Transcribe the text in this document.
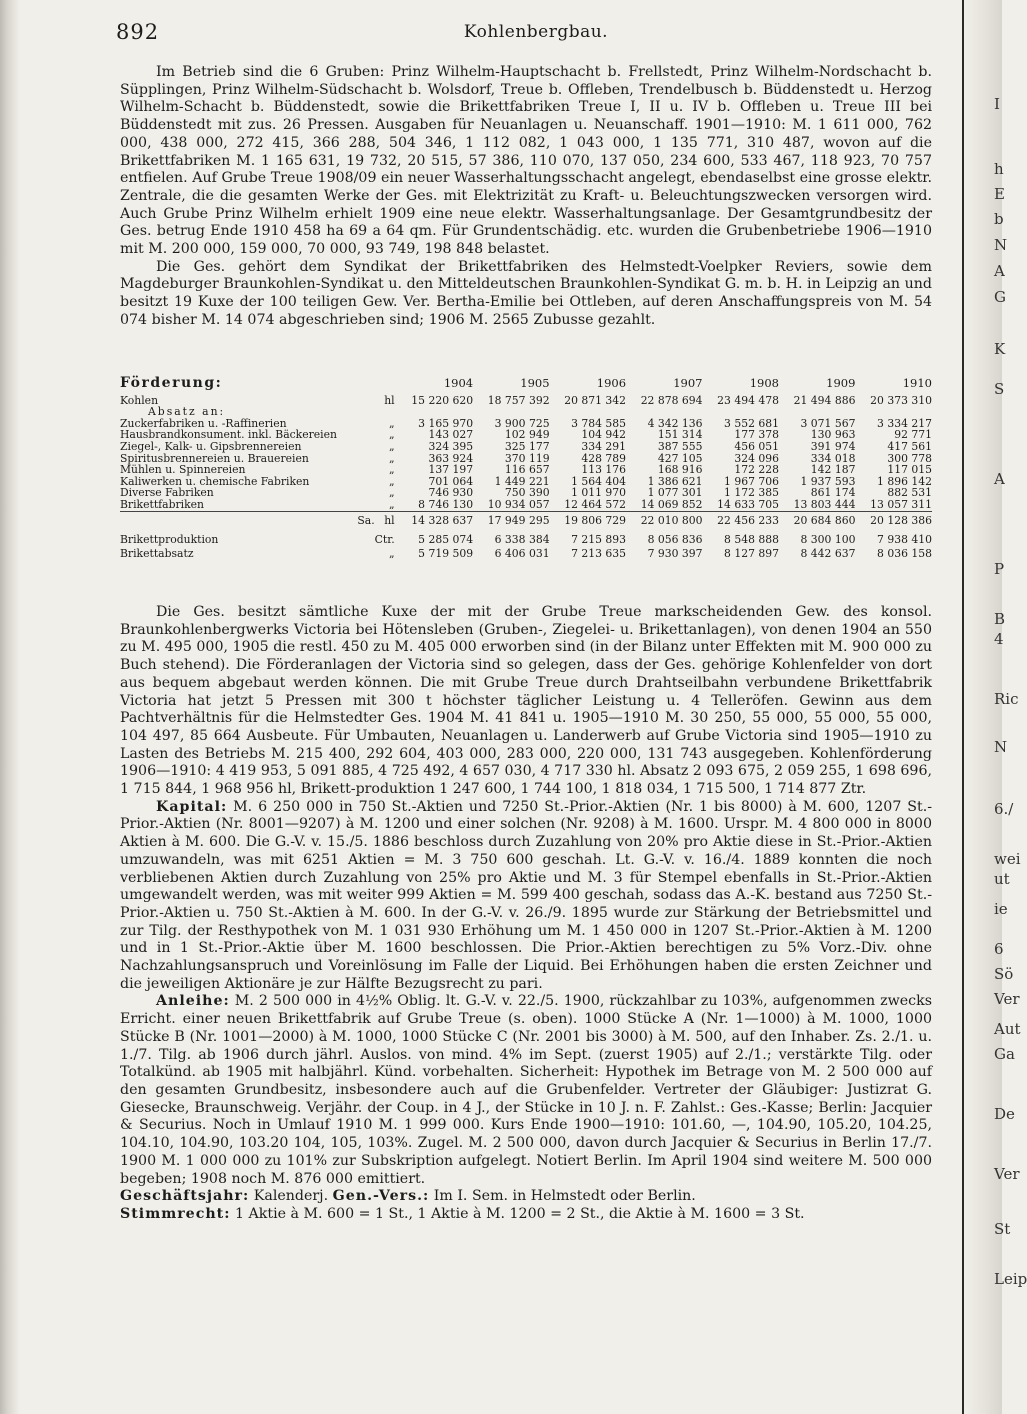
892	Kohlenbergbau.

Im Betrieb sind die 6 Gruben: Prinz Wilhelm-Hauptschacht b. Frellstedt, Prinz Wilhelm-Nordschacht b. Süpplingen, Prinz Wilhelm-Südschacht b. Wolsdorf, Treue b. Offleben, Trendelbusch b. Büddenstedt u. Herzog Wilhelm-Schacht b. Büddenstedt, sowie die Brikettfabriken Treue I, II u. IV b. Offleben u. Treue III bei Büddenstedt mit zus. 26 Pressen. Ausgaben für Neuanlagen u. Neuanschaff. 1901—1910: M. 1 611 000, 762 000, 438 000, 272 415, 366 288, 504 346, 1 112 082, 1 043 000, 1 135 771, 310 487, wovon auf die Brikettfabriken M. 1 165 631, 19 732, 20 515, 57 386, 110 070, 137 050, 234 600, 533 467, 118 923, 70 757 entfielen. Auf Grube Treue 1908/09 ein neuer Wasserhaltungsschacht angelegt, ebendaselbst eine grosse elektr. Zentrale, die die gesamten Werke der Ges. mit Elektrizität zu Kraft- u. Beleuchtungszwecken versorgen wird. Auch Grube Prinz Wilhelm erhielt 1909 eine neue elektr. Wasserhaltungsanlage. Der Gesamtgrundbesitz der Ges. betrug Ende 1910 458 ha 69 a 64 qm. Für Grundentschädig. etc. wurden die Grubenbetriebe 1906—1910 mit M. 200 000, 159 000, 70 000, 93 749, 198 848 belastet.

Die Ges. gehört dem Syndikat der Brikettfabriken des Helmstedt-Voelpker Reviers, sowie dem Magdeburger Braunkohlen-Syndikat u. den Mitteldeutschen Braunkohlen-Syndikat G. m. b. H. in Leipzig an und besitzt 19 Kuxe der 100 teiligen Gew. Ver. Bertha-Emilie bei Ottleben, auf deren Anschaffungspreis von M. 54 074 bisher M. 14 074 abgeschrieben sind; 1906 M. 2565 Zubusse gezahlt.

Förderung:		1904	1905	1906	1907	1908	1909	1910
Kohlen	hl	15 220 620	18 757 392	20 871 342	22 878 694	23 494 478	21 494 886	20 373 310
Absatz an:								
Zuckerfabriken u. -Raffinerien	„	3 165 970	3 900 725	3 784 585	4 342 136	3 552 681	3 071 567	3 334 217
Hausbrandkonsument. inkl. Bäckereien	„	143 027	102 949	104 942	151 314	177 378	130 963	92 771
Ziegel-, Kalk- u. Gipsbrennereien	„	324 395	325 177	334 291	387 555	456 051	391 974	417 561
Spiritusbrennereien u. Brauereien	„	363 924	370 119	428 789	427 105	324 096	334 018	300 778
Mühlen u. Spinnereien	„	137 197	116 657	113 176	168 916	172 228	142 187	117 015
Kaliwerken u. chemische Fabriken	„	701 064	1 449 221	1 564 404	1 386 621	1 967 706	1 937 593	1 896 142
Diverse Fabriken	„	746 930	750 390	1 011 970	1 077 301	1 172 385	861 174	882 531
Brikettfabriken	„	8 746 130	10 934 057	12 464 572	14 069 852	14 633 705	13 803 444	13 057 311
Sa.	hl	14 328 637	17 949 295	19 806 729	22 010 800	22 456 233	20 684 860	20 128 386
Brikettproduktion	Ctr.	5 285 074	6 338 384	7 215 893	8 056 836	8 548 888	8 300 100	7 938 410
Brikettabsatz	„	5 719 509	6 406 031	7 213 635	7 930 397	8 127 897	8 442 637	8 036 158

Die Ges. besitzt sämtliche Kuxe der mit der Grube Treue markscheidenden Gew. des konsol. Braunkohlenbergwerks Victoria bei Hötensleben (Gruben-, Ziegelei- u. Brikettanlagen), von denen 1904 an 550 zu M. 495 000, 1905 die restl. 450 zu M. 405 000 erworben sind (in der Bilanz unter Effekten mit M. 900 000 zu Buch stehend). Die Förderanlagen der Victoria sind so gelegen, dass der Ges. gehörige Kohlenfelder von dort aus bequem abgebaut werden können. Die mit Grube Treue durch Drahtseilbahn verbundene Brikettfabrik Victoria hat jetzt 5 Pressen mit 300 t höchster täglicher Leistung u. 4 Telleröfen. Gewinn aus dem Pachtverhältnis für die Helmstedter Ges. 1904 M. 41 841 u. 1905—1910 M. 30 250, 55 000, 55 000, 55 000, 104 497, 85 664 Ausbeute. Für Umbauten, Neuanlagen u. Landerwerb auf Grube Victoria sind 1905—1910 zu Lasten des Betriebs M. 215 400, 292 604, 403 000, 283 000, 220 000, 131 743 ausgegeben. Kohlenförderung 1906—1910: 4 419 953, 5 091 885, 4 725 492, 4 657 030, 4 717 330 hl. Absatz 2 093 675, 2 059 255, 1 698 696, 1 715 844, 1 968 956 hl, Brikett-produktion 1 247 600, 1 744 100, 1 818 034, 1 715 500, 1 714 877 Ztr.

Kapital: M. 6 250 000 in 750 St.-Aktien und 7250 St.-Prior.-Aktien (Nr. 1 bis 8000) à M. 600, 1207 St.-Prior.-Aktien (Nr. 8001—9207) à M. 1200 und einer solchen (Nr. 9208) à M. 1600. Urspr. M. 4 800 000 in 8000 Aktien à M. 600. Die G.-V. v. 15./5. 1886 beschloss durch Zuzahlung von 20% pro Aktie diese in St.-Prior.-Aktien umzuwandeln, was mit 6251 Aktien = M. 3 750 600 geschah. Lt. G.-V. v. 16./4. 1889 konnten die noch verbliebenen Aktien durch Zuzahlung von 25% pro Aktie und M. 3 für Stempel ebenfalls in St.-Prior.-Aktien umgewandelt werden, was mit weiter 999 Aktien = M. 599 400 geschah, sodass das A.-K. bestand aus 7250 St.-Prior.-Aktien u. 750 St.-Aktien à M. 600. In der G.-V. v. 26./9. 1895 wurde zur Stärkung der Betriebsmittel und zur Tilg. der Resthypothek von M. 1 031 930 Erhöhung um M. 1 450 000 in 1207 St.-Prior.-Aktien à M. 1200 und in 1 St.-Prior.-Aktie über M. 1600 beschlossen. Die Prior.-Aktien berechtigen zu 5% Vorz.-Div. ohne Nachzahlungsanspruch und Voreinlösung im Falle der Liquid. Bei Erhöhungen haben die ersten Zeichner und die jeweiligen Aktionäre je zur Hälfte Bezugsrecht zu pari.

Anleihe: M. 2 500 000 in 4½% Oblig. lt. G.-V. v. 22./5. 1900, rückzahlbar zu 103%, aufgenommen zwecks Erricht. einer neuen Brikettfabrik auf Grube Treue (s. oben). 1000 Stücke A (Nr. 1—1000) à M. 1000, 1000 Stücke B (Nr. 1001—2000) à M. 1000, 1000 Stücke C (Nr. 2001 bis 3000) à M. 500, auf den Inhaber. Zs. 2./1. u. 1./7. Tilg. ab 1906 durch jährl. Auslos. von mind. 4% im Sept. (zuerst 1905) auf 2./1.; verstärkte Tilg. oder Totalkünd. ab 1905 mit halbjährl. Künd. vorbehalten. Sicherheit: Hypothek im Betrage von M. 2 500 000 auf den gesamten Grundbesitz, insbesondere auch auf die Grubenfelder. Vertreter der Gläubiger: Justizrat G. Giesecke, Braunschweig. Verjähr. der Coup. in 4 J., der Stücke in 10 J. n. F. Zahlst.: Ges.-Kasse; Berlin: Jacquier & Securius. Noch in Umlauf 1910 M. 1 999 000. Kurs Ende 1900—1910: 101.60, —, 104.90, 105.20, 104.25, 104.10, 104.90, 103.20 104, 105, 103%. Zugel. M. 2 500 000, davon durch Jacquier & Securius in Berlin 17./7. 1900 M. 1 000 000 zu 101% zur Subskription aufgelegt. Notiert Berlin. Im April 1904 sind weitere M. 500 000 begeben; 1908 noch M. 876 000 emittiert.

Geschäftsjahr: Kalenderj. Gen.-Vers.: Im I. Sem. in Helmstedt oder Berlin.

Stimmrecht: 1 Aktie à M. 600 = 1 St., 1 Aktie à M. 1200 = 2 St., die Aktie à M. 1600 = 3 St.

I
h
E
b
N
A
G
K
S
A
P
B
4
Ric
N
6./
wei
ut
ie
6
Sö
Ver
Aut
Ga
De
Ver
St
Leip
